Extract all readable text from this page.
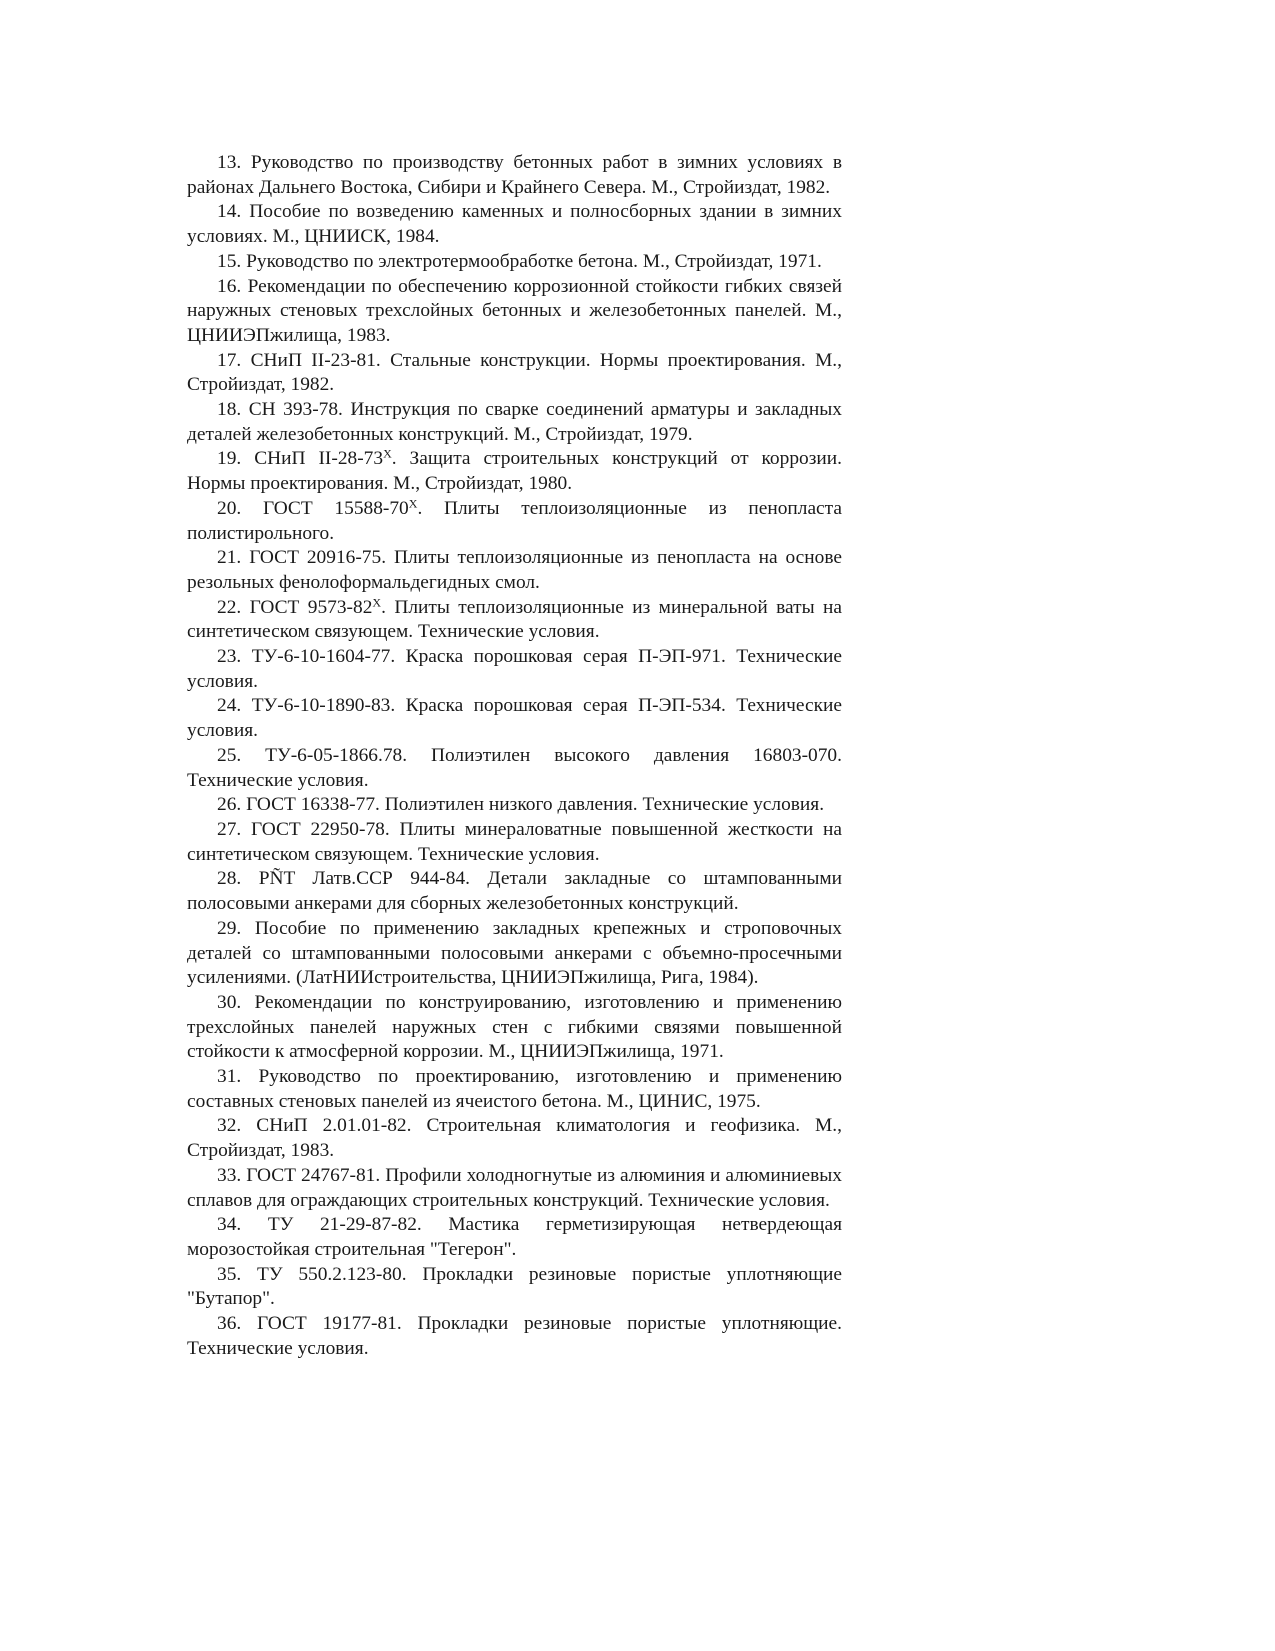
13. Руководство по производству бетонных работ в зимних условиях в районах Дальнего Востока, Сибири и Крайнего Севера. М., Стройиздат, 1982.

14. Пособие по возведению каменных и полносборных здании в зимних условиях. М., ЦНИИСК, 1984.

15. Руководство по электротермообработке бетона. М., Стройиздат, 1971.

16. Рекомендации по обеспечению коррозионной стойкости гибких связей наружных стеновых трехслойных бетонных и железобетонных панелей. М., ЦНИИЭПжилища, 1983.

17. СНиП II-23-81. Стальные конструкции. Нормы проектирования. М., Стройиздат, 1982.

18. СН 393-78. Инструкция по сварке соединений арматуры и закладных деталей железобетонных конструкций. М., Стройиздат, 1979.

19. СНиП $II-28-73^Х$. Защита строительных конструкций от коррозии. Нормы проектирования. М., Стройиздат, 1980.

20. ГОСТ $15588-70^Х$. Плиты теплоизоляционные из пенопласта полистирольного.

21. ГОСТ 20916-75. Плиты теплоизоляционные из пенопласта на основе резольных фенолоформальдегидных смол.

22. ГОСТ $9573-82^Х$. Плиты теплоизоляционные из минеральной ваты на синтетическом связующем. Технические условия.

23. ТУ-6-10-1604-77. Краска порошковая серая П-ЭП-971. Технические условия.

24. ТУ-6-10-1890-83. Краска порошковая серая П-ЭП-534. Технические условия.

25. ТУ-6-05-1866.78. Полиэтилен высокого давления 16803-070. Технические условия.

26. ГОСТ 16338-77. Полиэтилен низкого давления. Технические условия.

27. ГОСТ 22950-78. Плиты минераловатные повышенной жесткости на синтетическом связующем. Технические условия.

28. PÑT Латв.ССР 944-84. Детали закладные со штампованными полосовыми анкерами для сборных железобетонных конструкций.

29. Пособие по применению закладных крепежных и строповочных деталей со штампованными полосовыми анкерами с объемно-просечными усилениями. (ЛатНИИстроительства, ЦНИИЭПжилища, Рига, 1984).

30. Рекомендации по конструированию, изготовлению и применению трехслойных панелей наружных стен с гибкими связями повышенной стойкости к атмосферной коррозии. М., ЦНИИЭПжилища, 1971.

31. Руководство по проектированию, изготовлению и применению составных стеновых панелей из ячеистого бетона. М., ЦИНИС, 1975.

32. СНиП 2.01.01-82. Строительная климатология и геофизика. М., Стройиздат, 1983.

33. ГОСТ 24767-81. Профили холодногнутые из алюминия и алюминиевых сплавов для ограждающих строительных конструкций. Технические условия.

34. ТУ 21-29-87-82. Мастика герметизирующая нетвердеющая морозостойкая строительная "Тегерон".

35. ТУ 550.2.123-80. Прокладки резиновые пористые уплотняющие "Бутапор".

36. ГОСТ 19177-81. Прокладки резиновые пористые уплотняющие. Технические условия.
